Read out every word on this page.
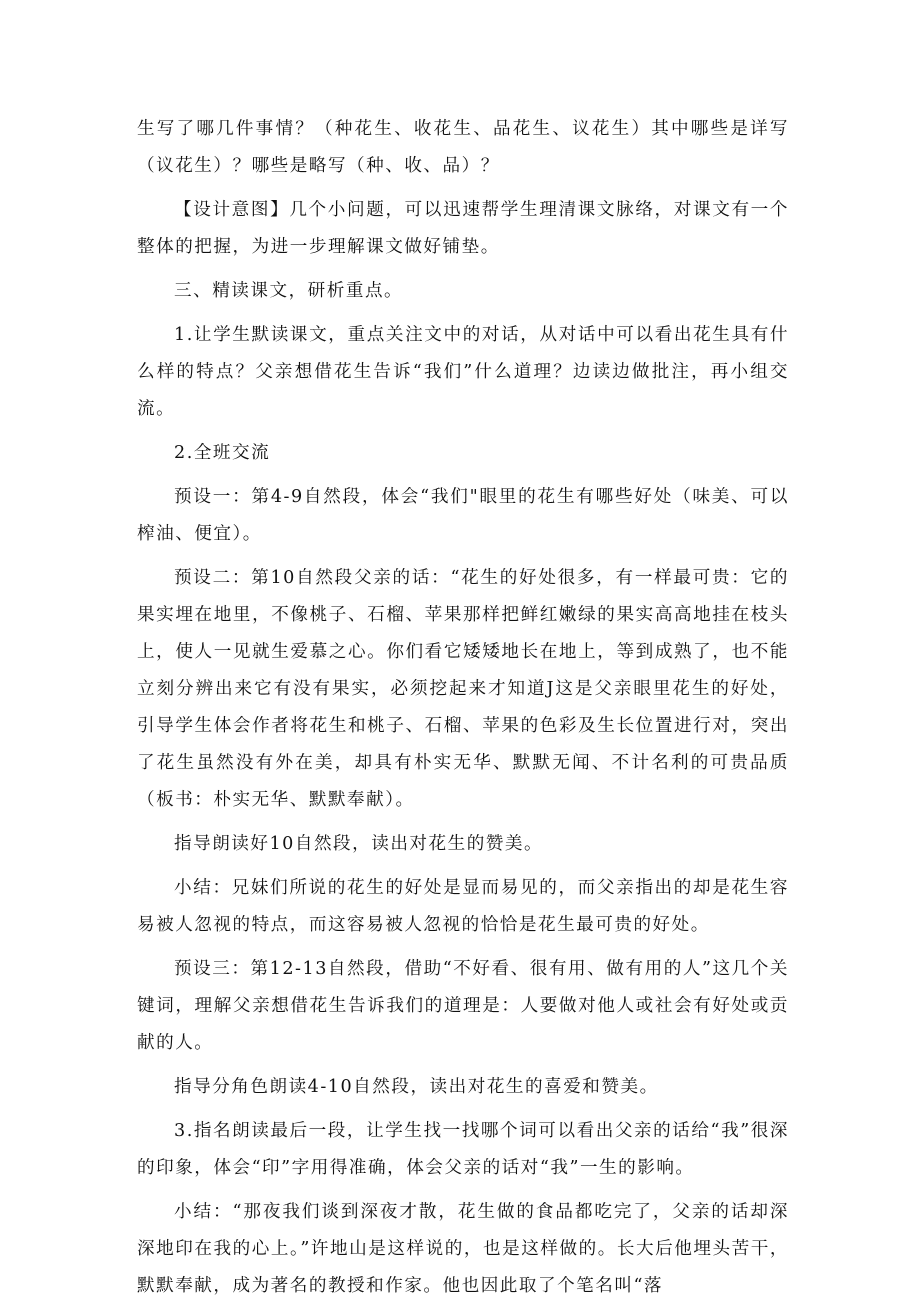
生写了哪几件事情？（种花生、收花生、品花生、议花生）其中哪些是详写（议花生）？哪些是略写（种、收、品）？

【设计意图】几个小问题，可以迅速帮学生理清课文脉络，对课文有一个整体的把握，为进一步理解课文做好铺垫。

三、精读课文，研析重点。

1.让学生默读课文，重点关注文中的对话，从对话中可以看出花生具有什么样的特点？父亲想借花生告诉“我们”什么道理？边读边做批注，再小组交流。

2.全班交流

预设一：第4-9自然段，体会“我们"眼里的花生有哪些好处（味美、可以榨油、便宜）。

预设二：第10自然段父亲的话：“花生的好处很多，有一样最可贵：它的果实埋在地里，不像桃子、石榴、苹果那样把鲜红嫩绿的果实高高地挂在枝头上，使人一见就生爱慕之心。你们看它矮矮地长在地上，等到成熟了，也不能立刻分辨出来它有没有果实，必须挖起来才知道J这是父亲眼里花生的好处，引导学生体会作者将花生和桃子、石榴、苹果的色彩及生长位置进行对，突出了花生虽然没有外在美，却具有朴实无华、默默无闻、不计名利的可贵品质（板书：朴实无华、默默奉献）。

指导朗读好10自然段，读出对花生的赞美。

小结：兄妹们所说的花生的好处是显而易见的，而父亲指出的却是花生容易被人忽视的特点，而这容易被人忽视的恰恰是花生最可贵的好处。

预设三：第12-13自然段，借助“不好看、很有用、做有用的人”这几个关键词，理解父亲想借花生告诉我们的道理是：人要做对他人或社会有好处或贡献的人。

指导分角色朗读4-10自然段，读出对花生的喜爱和赞美。

3.指名朗读最后一段，让学生找一找哪个词可以看出父亲的话给“我”很深的印象，体会“印”字用得准确，体会父亲的话对“我”一生的影响。

小结：“那夜我们谈到深夜才散，花生做的食品都吃完了，父亲的话却深深地印在我的心上。”许地山是这样说的，也是这样做的。长大后他埋头苦干，默默奉献，成为著名的教授和作家。他也因此取了个笔名叫“落
